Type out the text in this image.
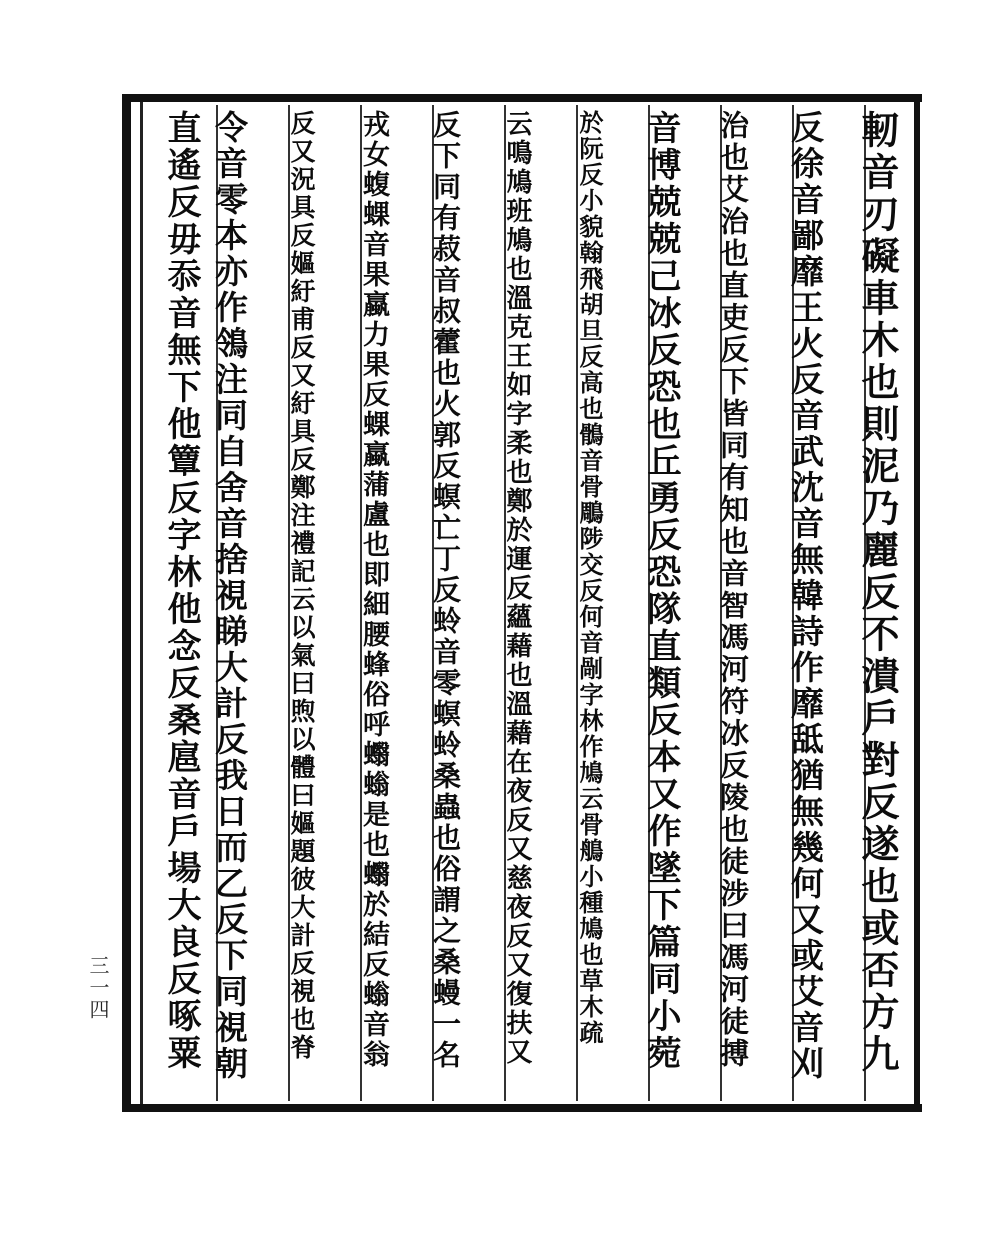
軔音刃礙車木也則泥乃麗反不潰戶對反遂也或否方九
反徐音鄙靡王火反音武沈音無韓詩作靡䑛猶無幾何又或艾音刈
治也艾治也直吏反下皆同有知也音智馮河符冰反陵也徒涉曰馮河徒搏
音博兢兢己冰反恐也丘勇反恐隊直類反本又作墜下篇同小菀
於阮反小貌翰飛胡旦反高也鶻音骨鵰陟交反何音剮字林作鳩云骨鵃小種鳩也草木疏
云鳴鳩班鳩也溫克王如字柔也鄭於運反蘊藉也溫藉在夜反又慈夜反又復扶又
反下同有菽音叔藿也火郭反螟亡丁反蛉音零螟蛉桑蟲也俗謂之桑蟃一名
戎女蝮蜾音果蠃力果反蜾蠃蒲盧也即細腰蜂俗呼蠮螉是也蠮於結反螉音翁
反又況具反嫗紆甫反又紆具反鄭注禮記云以氣曰煦以體曰嫗題彼大計反視也脊
令音零本亦作鴒注同自舍音捨視睇大計反我日而乙反下同視朝
直遙反毋忝音無下他簟反字林他念反桑扈音戶場大良反啄粟
三一四
